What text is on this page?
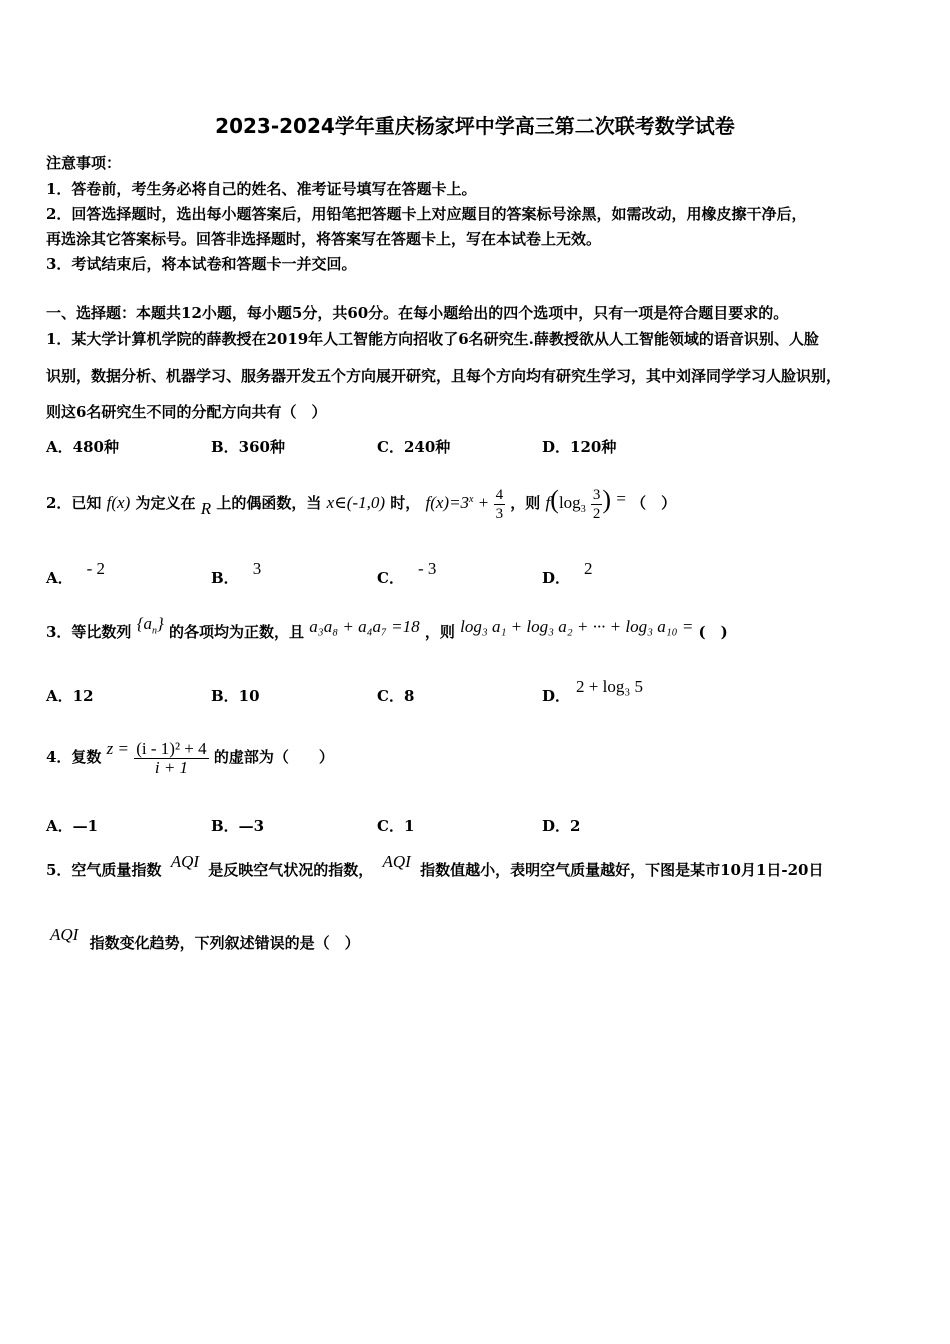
2023-2024学年重庆杨家坪中学高三第二次联考数学试卷
注意事项：
1．答卷前，考生务必将自己的姓名、准考证号填写在答题卡上。
2．回答选择题时，选出每小题答案后，用铅笔把答题卡上对应题目的答案标号涂黑，如需改动，用橡皮擦干净后，
再选涂其它答案标号。回答非选择题时，将答案写在答题卡上，写在本试卷上无效。
3．考试结束后，将本试卷和答题卡一并交回。
一、选择题：本题共12小题，每小题5分，共60分。在每小题给出的四个选项中，只有一项是符合题目要求的。
1．某大学计算机学院的薛教授在2019年人工智能方向招收了6名研究生.薛教授欲从人工智能领域的语音识别、人脸
识别，数据分析、机器学习、服务器开发五个方向展开研究，且每个方向均有研究生学习，其中刘泽同学学习人脸识别，
则这6名研究生不同的分配方向共有（　）
A．480种	B．360种	C．240种	D．120种
2．已知 f(x) 为定义在 R 上的偶函数，当 x∈(-1,0) 时， $f(x)=3^x + \frac{4}{3}$ ，则 $f(\log_3 \frac{3}{2}$ ) = （　）
A． - 2	B． 3	C． - 3	D． 2
3．等比数列 $\{a_n\}$ 的各项均为正数，且 a₃a₈ + a₄a₇ =18 ，则 log₃ a₁ + log₃ a₂ + ··· + log₃ a₁₀ = (　)
A．12	B．10	C．8	D． 2 + log₃ 5
4．复数 $z = \frac{\text{(i - 1)² + 4}}{i + 1}$ 的虚部为（　　）
A．—1	B．—3	C．1	D．2
5．空气质量指数 AQI 是反映空气状况的指数， AQI 指数值越小，表明空气质量越好，下图是某市10月1日-20日
AQI 指数变化趋势，下列叙述错误的是（　）
